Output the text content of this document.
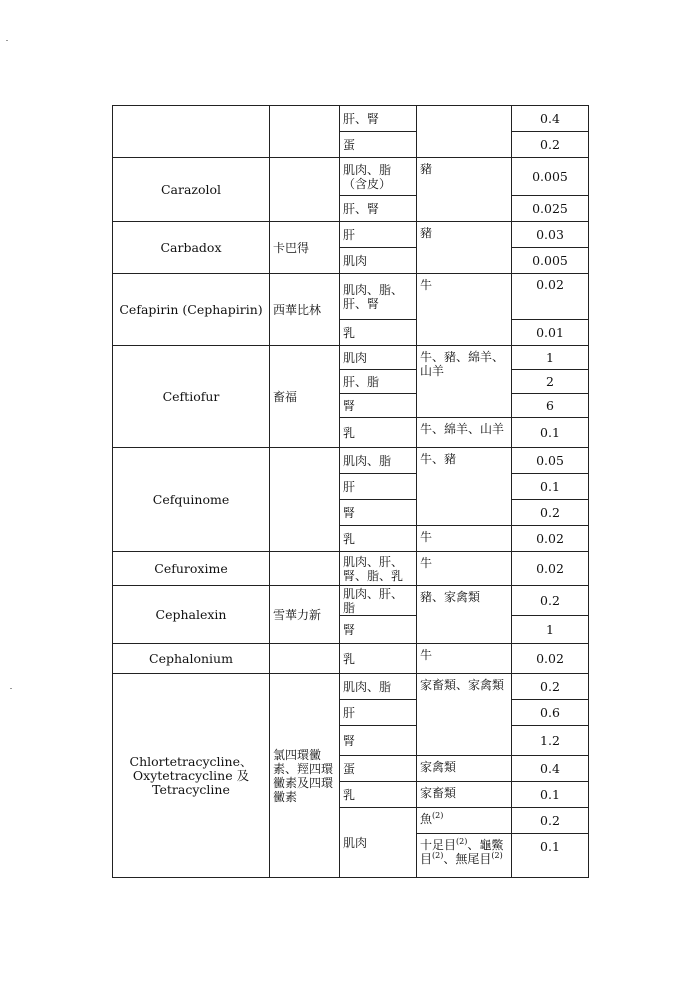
		肝、腎		0.4
		蛋		0.2
Carazolol		肌肉、脂（含皮）	豬	0.005
		肝、腎		0.025
Carbadox	卡巴得	肝	豬	0.03
		肌肉		0.005
Cefapirin (Cephapirin)	西華比林	肌肉、脂、肝、腎	牛	0.02
		乳		0.01
Ceftiofur	畜福	肌肉	牛、豬、綿羊、山羊	1
		肝、脂		2
		腎		6
		乳	牛、綿羊、山羊	0.1
Cefquinome		肌肉、脂	牛、豬	0.05
		肝		0.1
		腎		0.2
		乳	牛	0.02
Cefuroxime		肌肉、肝、腎、脂、乳	牛	0.02
Cephalexin	雪華力新	肌肉、肝、脂	豬、家禽類	0.2
		腎		1
Cephalonium		乳	牛	0.02
Chlortetracycline、
Oxytetracycline 及
Tetracycline	氯四環黴素、羥四環黴素及四環黴素	肌肉、脂	家畜類、家禽類	0.2
		肝		0.6
		腎		1.2
		蛋	家禽類	0.4
		乳	家畜類	0.1
		肌肉	魚$^{(2)}$	0.2
			十足目$^{(2)}$、龜鱉目$^{(2)}$、無尾目$^{(2)}$	0.1
